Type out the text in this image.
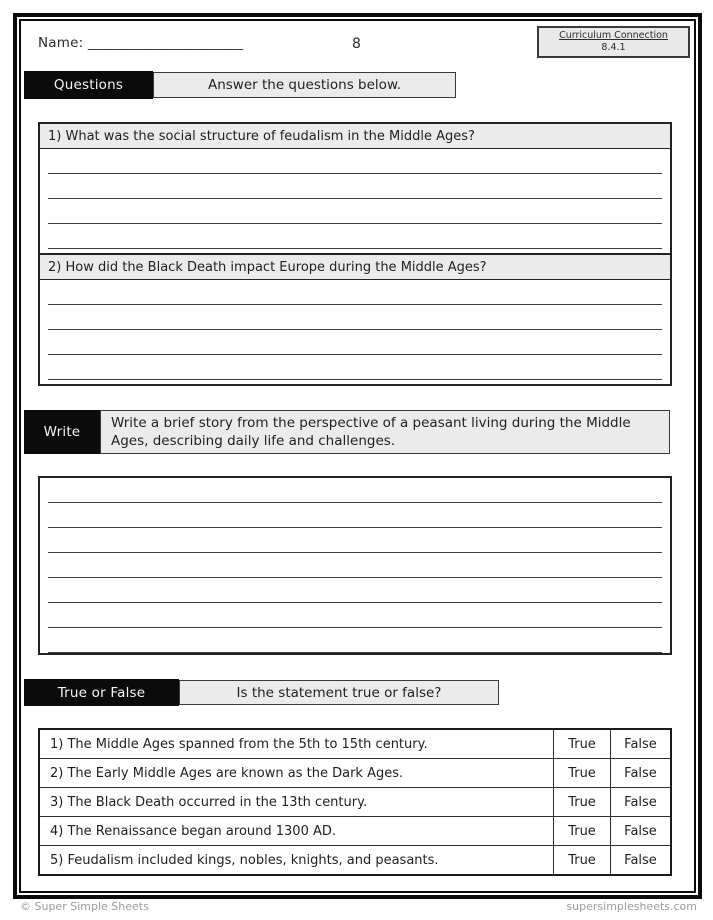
Name: _______________________	8
Curriculum Connection
8.4.1
Questions	Answer the questions below.
1) What was the social structure of feudalism in the Middle Ages?
2) How did the Black Death impact Europe during the Middle Ages?
Write
Write a brief story from the perspective of a peasant living during the Middle Ages, describing daily life and challenges.
True or False	Is the statement true or false?
1) The Middle Ages spanned from the 5th to 15th century.	True	False
2) The Early Middle Ages are known as the Dark Ages.	True	False
3) The Black Death occurred in the 13th century.	True	False
4) The Renaissance began around 1300 AD.	True	False
5) Feudalism included kings, nobles, knights, and peasants.	True	False
© Super Simple Sheets	supersimplesheets.com
